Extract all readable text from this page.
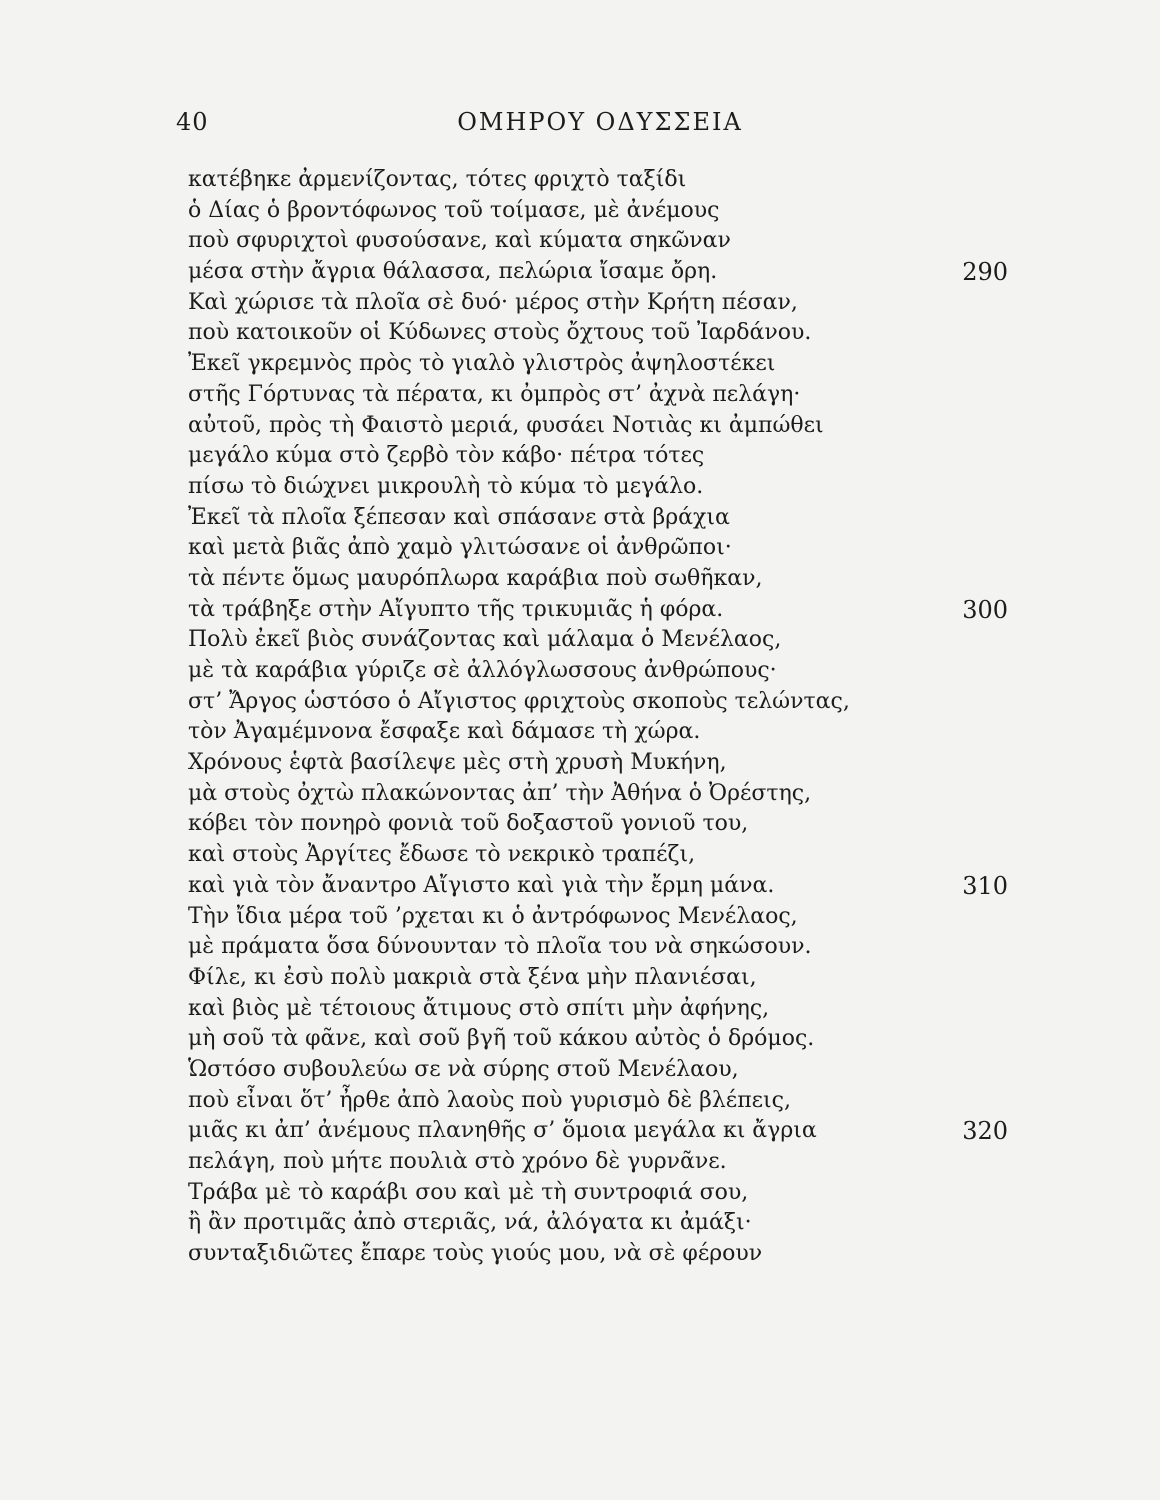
40	ΟΜΗΡΟΥ ΟΔΥΣΣΕΙΑ
κατέβηκε ἀρμενίζοντας, τότες φριχτὸ ταξίδι
ὁ Δίας ὁ βροντόφωνος τοῦ τοίμασε, μὲ ἀνέμους
ποὺ σφυριχτοὶ φυσούσανε, καὶ κύματα σηκῶναν
μέσα στὴν ἄγρια θάλασσα, πελώρια ἴσαμε ὄρη.	290
Καὶ χώρισε τὰ πλοῖα σὲ δυό· μέρος στὴν Κρήτη πέσαν,
ποὺ κατοικοῦν οἱ Κύδωνες στοὺς ὄχτους τοῦ Ἰαρδάνου.
Ἐκεῖ γκρεμνὸς πρὸς τὸ γιαλὸ γλιστρὸς ἀψηλοστέκει
στῆς Γόρτυνας τὰ πέρατα, κι ὀμπρὸς στ’ ἀχνὰ πελάγη·
αὐτοῦ, πρὸς τὴ Φαιστὸ μεριά, φυσάει Νοτιὰς κι ἀμπώθει
μεγάλο κύμα στὸ ζερβὸ τὸν κάβο· πέτρα τότες
πίσω τὸ διώχνει μικρουλὴ τὸ κύμα τὸ μεγάλο.
Ἐκεῖ τὰ πλοῖα ξέπεσαν καὶ σπάσανε στὰ βράχια
καὶ μετὰ βιᾶς ἀπὸ χαμὸ γλιτώσανε οἱ ἀνθρῶποι·
τὰ πέντε ὅμως μαυρόπλωρα καράβια ποὺ σωθῆκαν,
τὰ τράβηξε στὴν Αἴγυπτο τῆς τρικυμιᾶς ἡ φόρα.	300
Πολὺ ἐκεῖ βιὸς συνάζοντας καὶ μάλαμα ὁ Μενέλαος,
μὲ τὰ καράβια γύριζε σὲ ἀλλόγλωσσους ἀνθρώπους·
στ’ Ἄργος ὡστόσο ὁ Αἴγιστος φριχτοὺς σκοποὺς τελώντας,
τὸν Ἀγαμέμνονα ἔσφαξε καὶ δάμασε τὴ χώρα.
Χρόνους ἑφτὰ βασίλεψε μὲς στὴ χρυσὴ Μυκήνη,
μὰ στοὺς ὀχτὼ πλακώνοντας ἀπ’ τὴν Ἀθήνα ὁ Ὀρέστης,
κόβει τὸν πονηρὸ φονιὰ τοῦ δοξαστοῦ γονιοῦ του,
καὶ στοὺς Ἀργίτες ἔδωσε τὸ νεκρικὸ τραπέζι,
καὶ γιὰ τὸν ἄναντρο Αἴγιστο καὶ γιὰ τὴν ἔρμη μάνα.	310
Τὴν ἴδια μέρα τοῦ ’ρχεται κι ὁ ἀντρόφωνος Μενέλαος,
μὲ πράματα ὅσα δύνουνταν τὸ πλοῖα του νὰ σηκώσουν.
Φίλε, κι ἐσὺ πολὺ μακριὰ στὰ ξένα μὴν πλανιέσαι,
καὶ βιὸς μὲ τέτοιους ἄτιμους στὸ σπίτι μὴν ἀφήνης,
μὴ σοῦ τὰ φᾶνε, καὶ σοῦ βγῆ τοῦ κάκου αὐτὸς ὁ δρόμος.
Ὡστόσο συβουλεύω σε νὰ σύρης στοῦ Μενέλαου,
ποὺ εἶναι ὅτ’ ἦρθε ἀπὸ λαοὺς ποὺ γυρισμὸ δὲ βλέπεις,
μιᾶς κι ἀπ’ ἀνέμους πλανηθῆς σ’ ὅμοια μεγάλα κι ἄγρια	320
πελάγη, ποὺ μήτε πουλιὰ στὸ χρόνο δὲ γυρνᾶνε.
Τράβα μὲ τὸ καράβι σου καὶ μὲ τὴ συντροφιά σου,
ἢ ἂν προτιμᾶς ἀπὸ στεριᾶς, νά, ἀλόγατα κι ἀμάξι·
συνταξιδιῶτες ἔπαρε τοὺς γιούς μου, νὰ σὲ φέρουν
